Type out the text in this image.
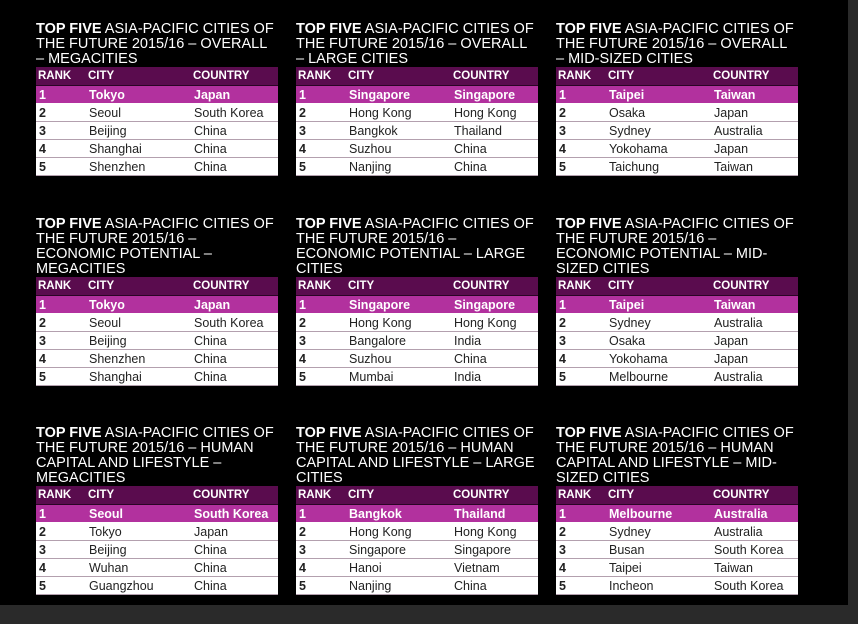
TOP FIVE ASIA-PACIFIC CITIES OF THE FUTURE 2015/16 – OVERALL – MEGACITIES
RANK	CITY	COUNTRY
1	Tokyo	Japan
2	Seoul	South Korea
3	Beijing	China
4	Shanghai	China
5	Shenzhen	China
TOP FIVE ASIA-PACIFIC CITIES OF THE FUTURE 2015/16 – OVERALL – LARGE CITIES
RANK	CITY	COUNTRY
1	Singapore	Singapore
2	Hong Kong	Hong Kong
3	Bangkok	Thailand
4	Suzhou	China
5	Nanjing	China
TOP FIVE ASIA-PACIFIC CITIES OF THE FUTURE 2015/16 – OVERALL – MID-SIZED CITIES
RANK	CITY	COUNTRY
1	Taipei	Taiwan
2	Osaka	Japan
3	Sydney	Australia
4	Yokohama	Japan
5	Taichung	Taiwan
TOP FIVE ASIA-PACIFIC CITIES OF THE FUTURE 2015/16 – ECONOMIC POTENTIAL – MEGACITIES
RANK	CITY	COUNTRY
1	Tokyo	Japan
2	Seoul	South Korea
3	Beijing	China
4	Shenzhen	China
5	Shanghai	China
TOP FIVE ASIA-PACIFIC CITIES OF THE FUTURE 2015/16 – ECONOMIC POTENTIAL – LARGE CITIES
RANK	CITY	COUNTRY
1	Singapore	Singapore
2	Hong Kong	Hong Kong
3	Bangalore	India
4	Suzhou	China
5	Mumbai	India
TOP FIVE ASIA-PACIFIC CITIES OF THE FUTURE 2015/16 – ECONOMIC POTENTIAL – MID-SIZED CITIES
RANK	CITY	COUNTRY
1	Taipei	Taiwan
2	Sydney	Australia
3	Osaka	Japan
4	Yokohama	Japan
5	Melbourne	Australia
TOP FIVE ASIA-PACIFIC CITIES OF THE FUTURE 2015/16 – HUMAN CAPITAL AND LIFESTYLE – MEGACITIES
RANK	CITY	COUNTRY
1	Seoul	South Korea
2	Tokyo	Japan
3	Beijing	China
4	Wuhan	China
5	Guangzhou	China
TOP FIVE ASIA-PACIFIC CITIES OF THE FUTURE 2015/16 – HUMAN CAPITAL AND LIFESTYLE – LARGE CITIES
RANK	CITY	COUNTRY
1	Bangkok	Thailand
2	Hong Kong	Hong Kong
3	Singapore	Singapore
4	Hanoi	Vietnam
5	Nanjing	China
TOP FIVE ASIA-PACIFIC CITIES OF THE FUTURE 2015/16 – HUMAN CAPITAL AND LIFESTYLE – MID-SIZED CITIES
RANK	CITY	COUNTRY
1	Melbourne	Australia
2	Sydney	Australia
3	Busan	South Korea
4	Taipei	Taiwan
5	Incheon	South Korea
